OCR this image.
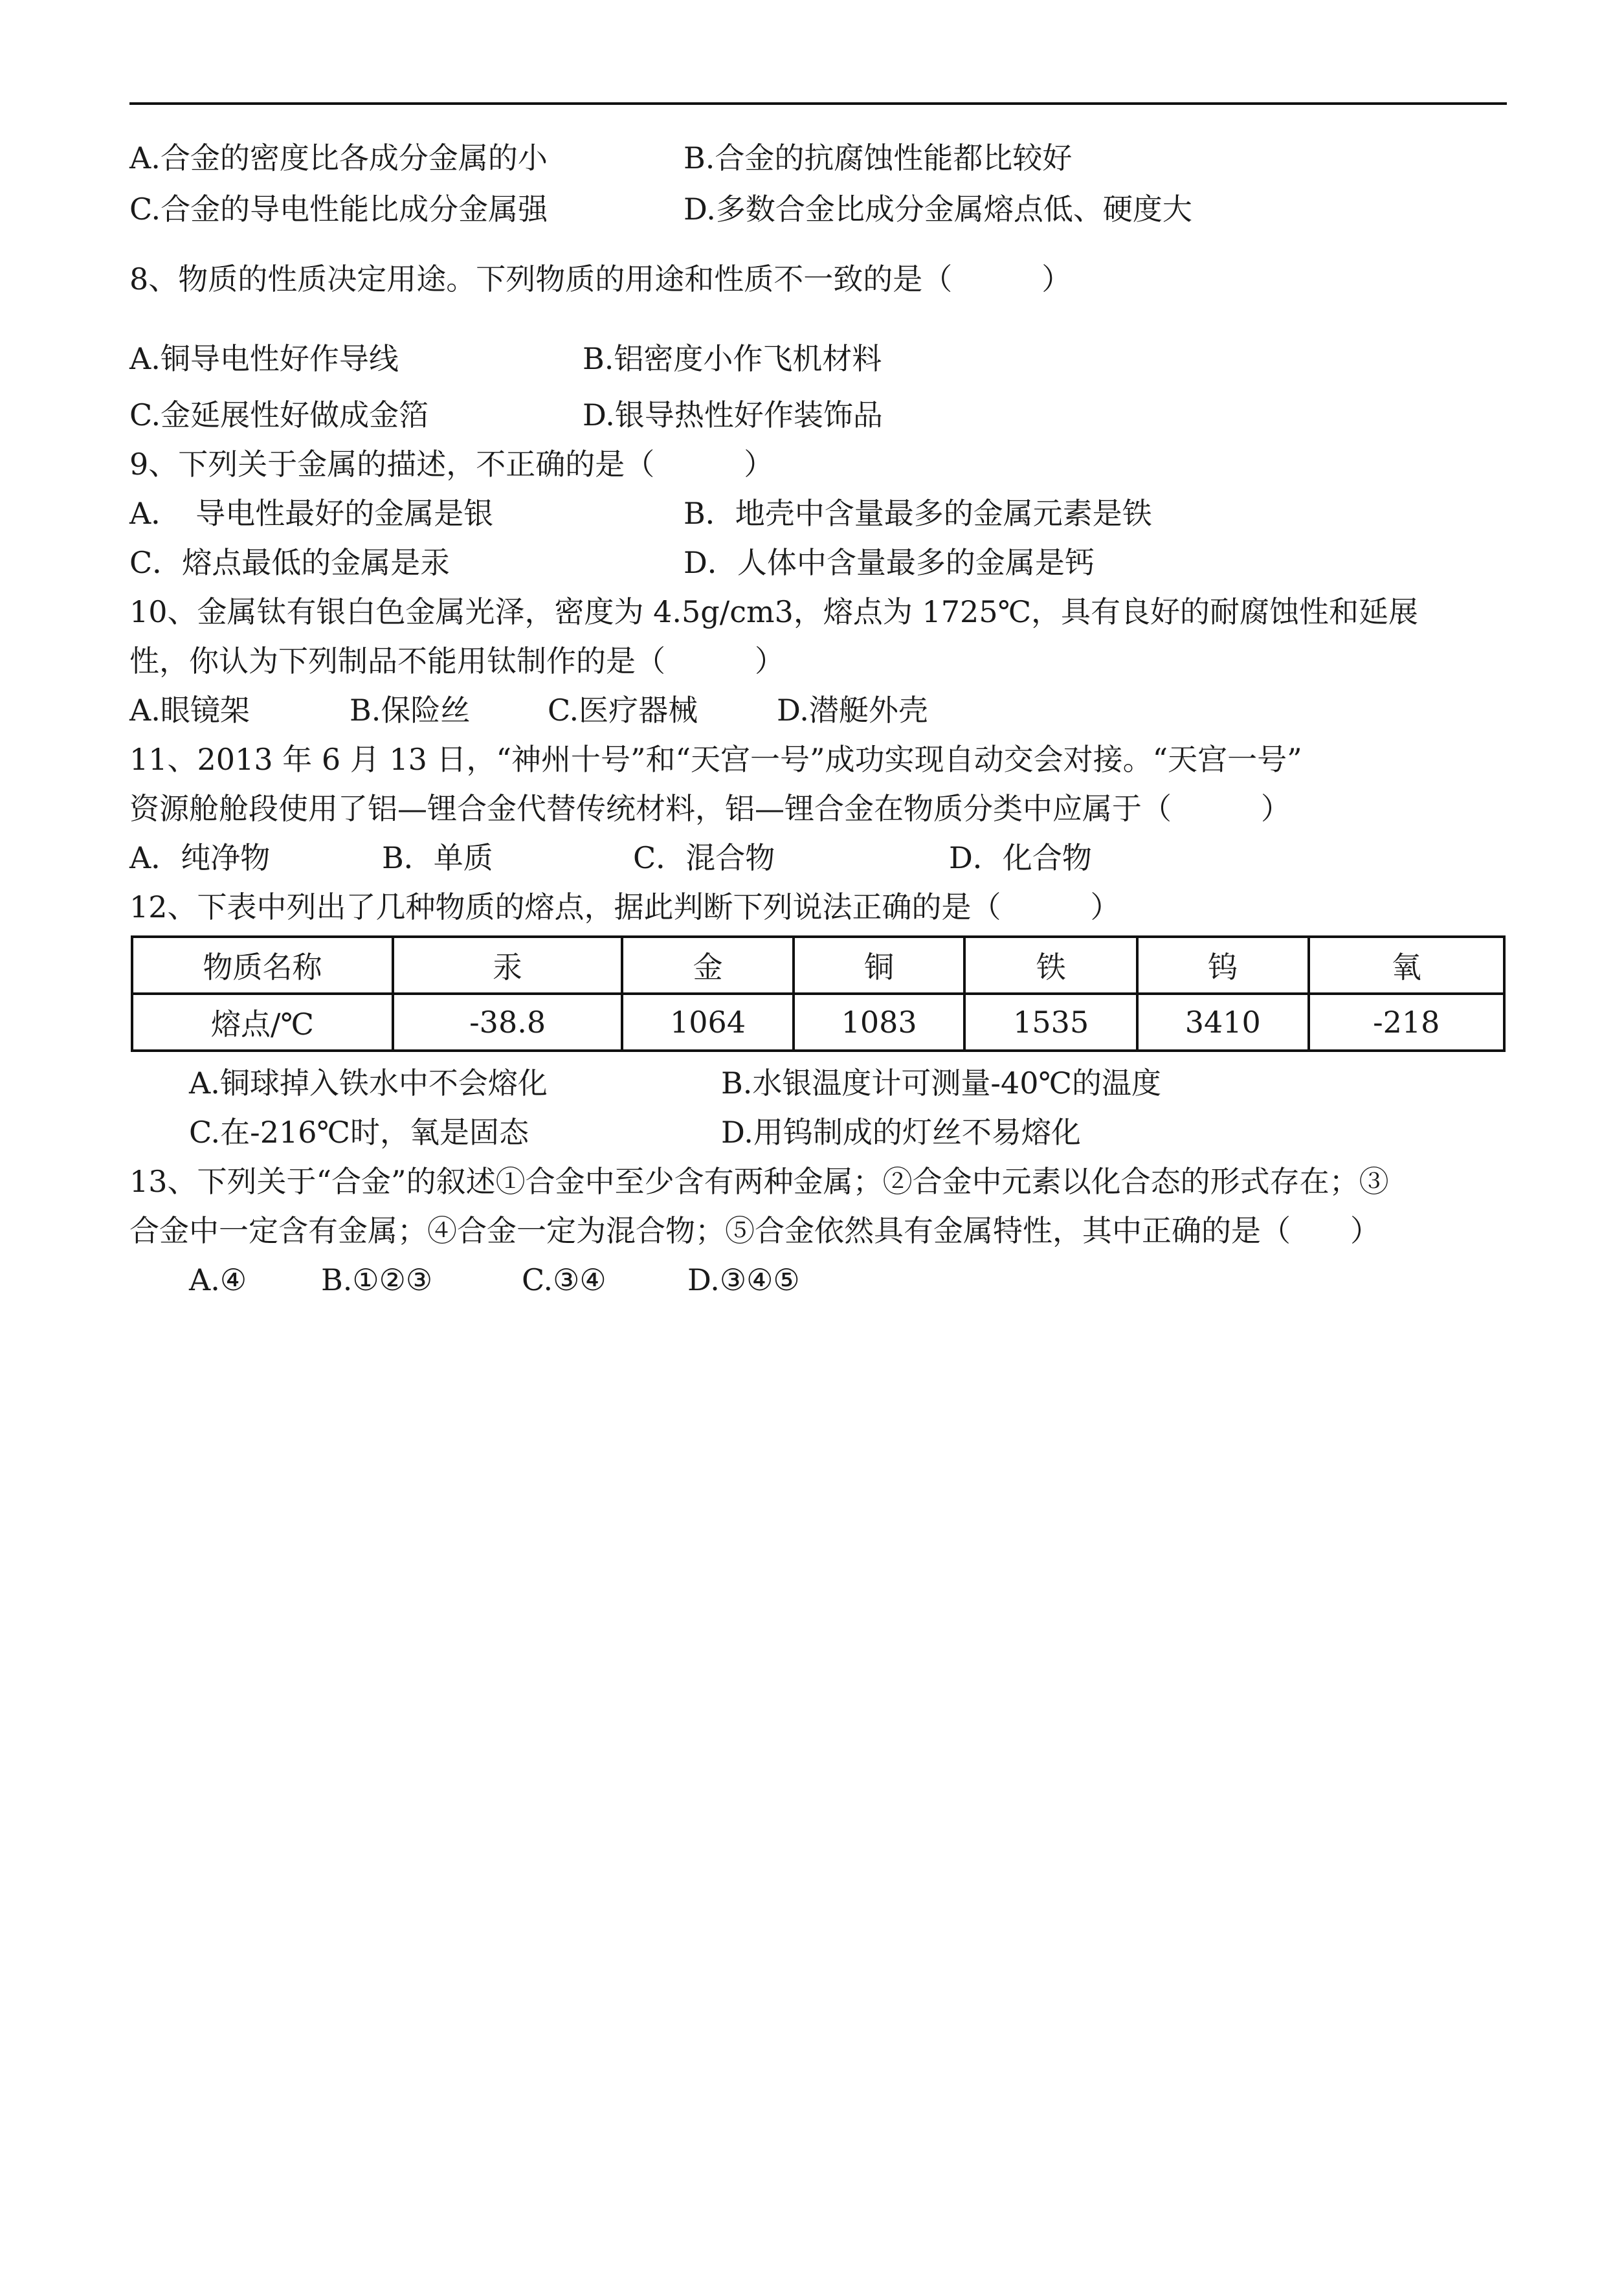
A.合金的密度比各成分金属的小	B.合金的抗腐蚀性能都比较好
C.合金的导电性能比成分金属强	D.多数合金比成分金属熔点低、硬度大
8、物质的性质决定用途。下列物质的用途和性质不一致的是（　　　）
A.铜导电性好作导线	B.铝密度小作飞机材料
C.金延展性好做成金箔	D.银导热性好作装饰品
9、下列关于金属的描述，不正确的是（　　　）
A．　导电性最好的金属是银	B．地壳中含量最多的金属元素是铁
C．熔点最低的金属是汞	D．人体中含量最多的金属是钙
10、金属钛有银白色金属光泽，密度为 4.5g/cm3，熔点为 1725℃，具有良好的耐腐蚀性和延展
性，你认为下列制品不能用钛制作的是（　　　）
A.眼镜架	B.保险丝	C.医疗器械	D.潜艇外壳
11、2013 年 6 月 13 日，“神州十号”和“天宫一号”成功实现自动交会对接。“天宫一号”
资源舱舱段使用了铝—锂合金代替传统材料，铝—锂合金在物质分类中应属于（　　　）
A．纯净物	B．单质	C．混合物	D．化合物
12、下表中列出了几种物质的熔点，据此判断下列说法正确的是（　　　）
物质名称	汞	金	铜	铁	钨	氧
熔点/℃	-38.8	1064	1083	1535	3410	-218
A.铜球掉入铁水中不会熔化	B.水银温度计可测量-40℃的温度
C.在-216℃时，氧是固态	D.用钨制成的灯丝不易熔化
13、下列关于“合金”的叙述①合金中至少含有两种金属；②合金中元素以化合态的形式存在；③
合金中一定含有金属；④合金一定为混合物；⑤合金依然具有金属特性，其中正确的是（　　）
A.④ B.①②③	C.③④	D.③④⑤
